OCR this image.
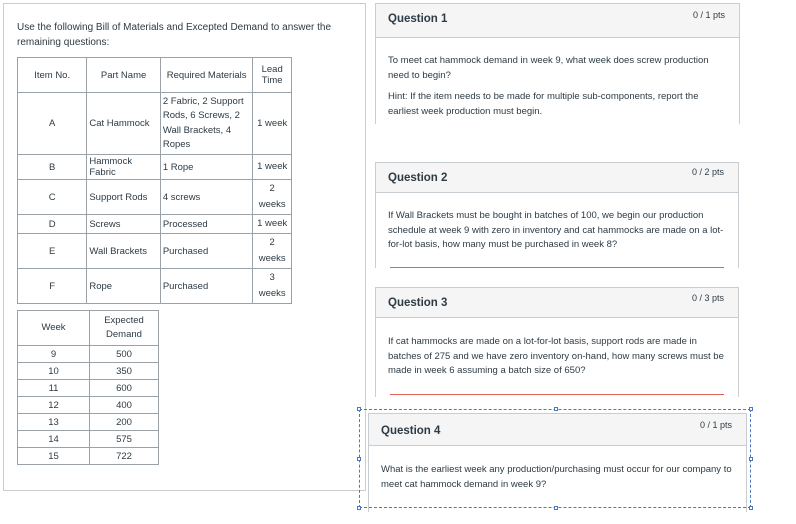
Use the following Bill of Materials and Excepted Demand to answer the remaining questions:

Item No.	Part Name	Required Materials	Lead Time
A	Cat Hammock	2 Fabric, 2 Support Rods, 6 Screws, 2 Wall Brackets, 4 Ropes	1 week
B	Hammock Fabric	1 Rope	1 week
C	Support Rods	4 screws	2 weeks
D	Screws	Processed	1 week
E	Wall Brackets	Purchased	2 weeks
F	Rope	Purchased	3 weeks
Week	Expected Demand
9	500
10	350
11	600
12	400
13	200
14	575
15	722
Question 1	0 / 1 pts

To meet cat hammock demand in week 9, what week does screw production need to begin?

Hint: If the item needs to be made for multiple sub-components, report the earliest week production must begin.

Question 2	0 / 2 pts

If Wall Brackets must be bought in batches of 100, we begin our production schedule at week 9 with zero in inventory and cat hammocks are made on a lot-for-lot basis, how many must be purchased in week 8?

Question 3	0 / 3 pts

If cat hammocks are made on a lot-for-lot basis, support rods are made in batches of 275 and we have zero inventory on-hand, how many screws must be made in week 6 assuming a batch size of 650?

Question 4	0 / 1 pts

What is the earliest week any production/purchasing must occur for our company to meet cat hammock demand in week 9?
